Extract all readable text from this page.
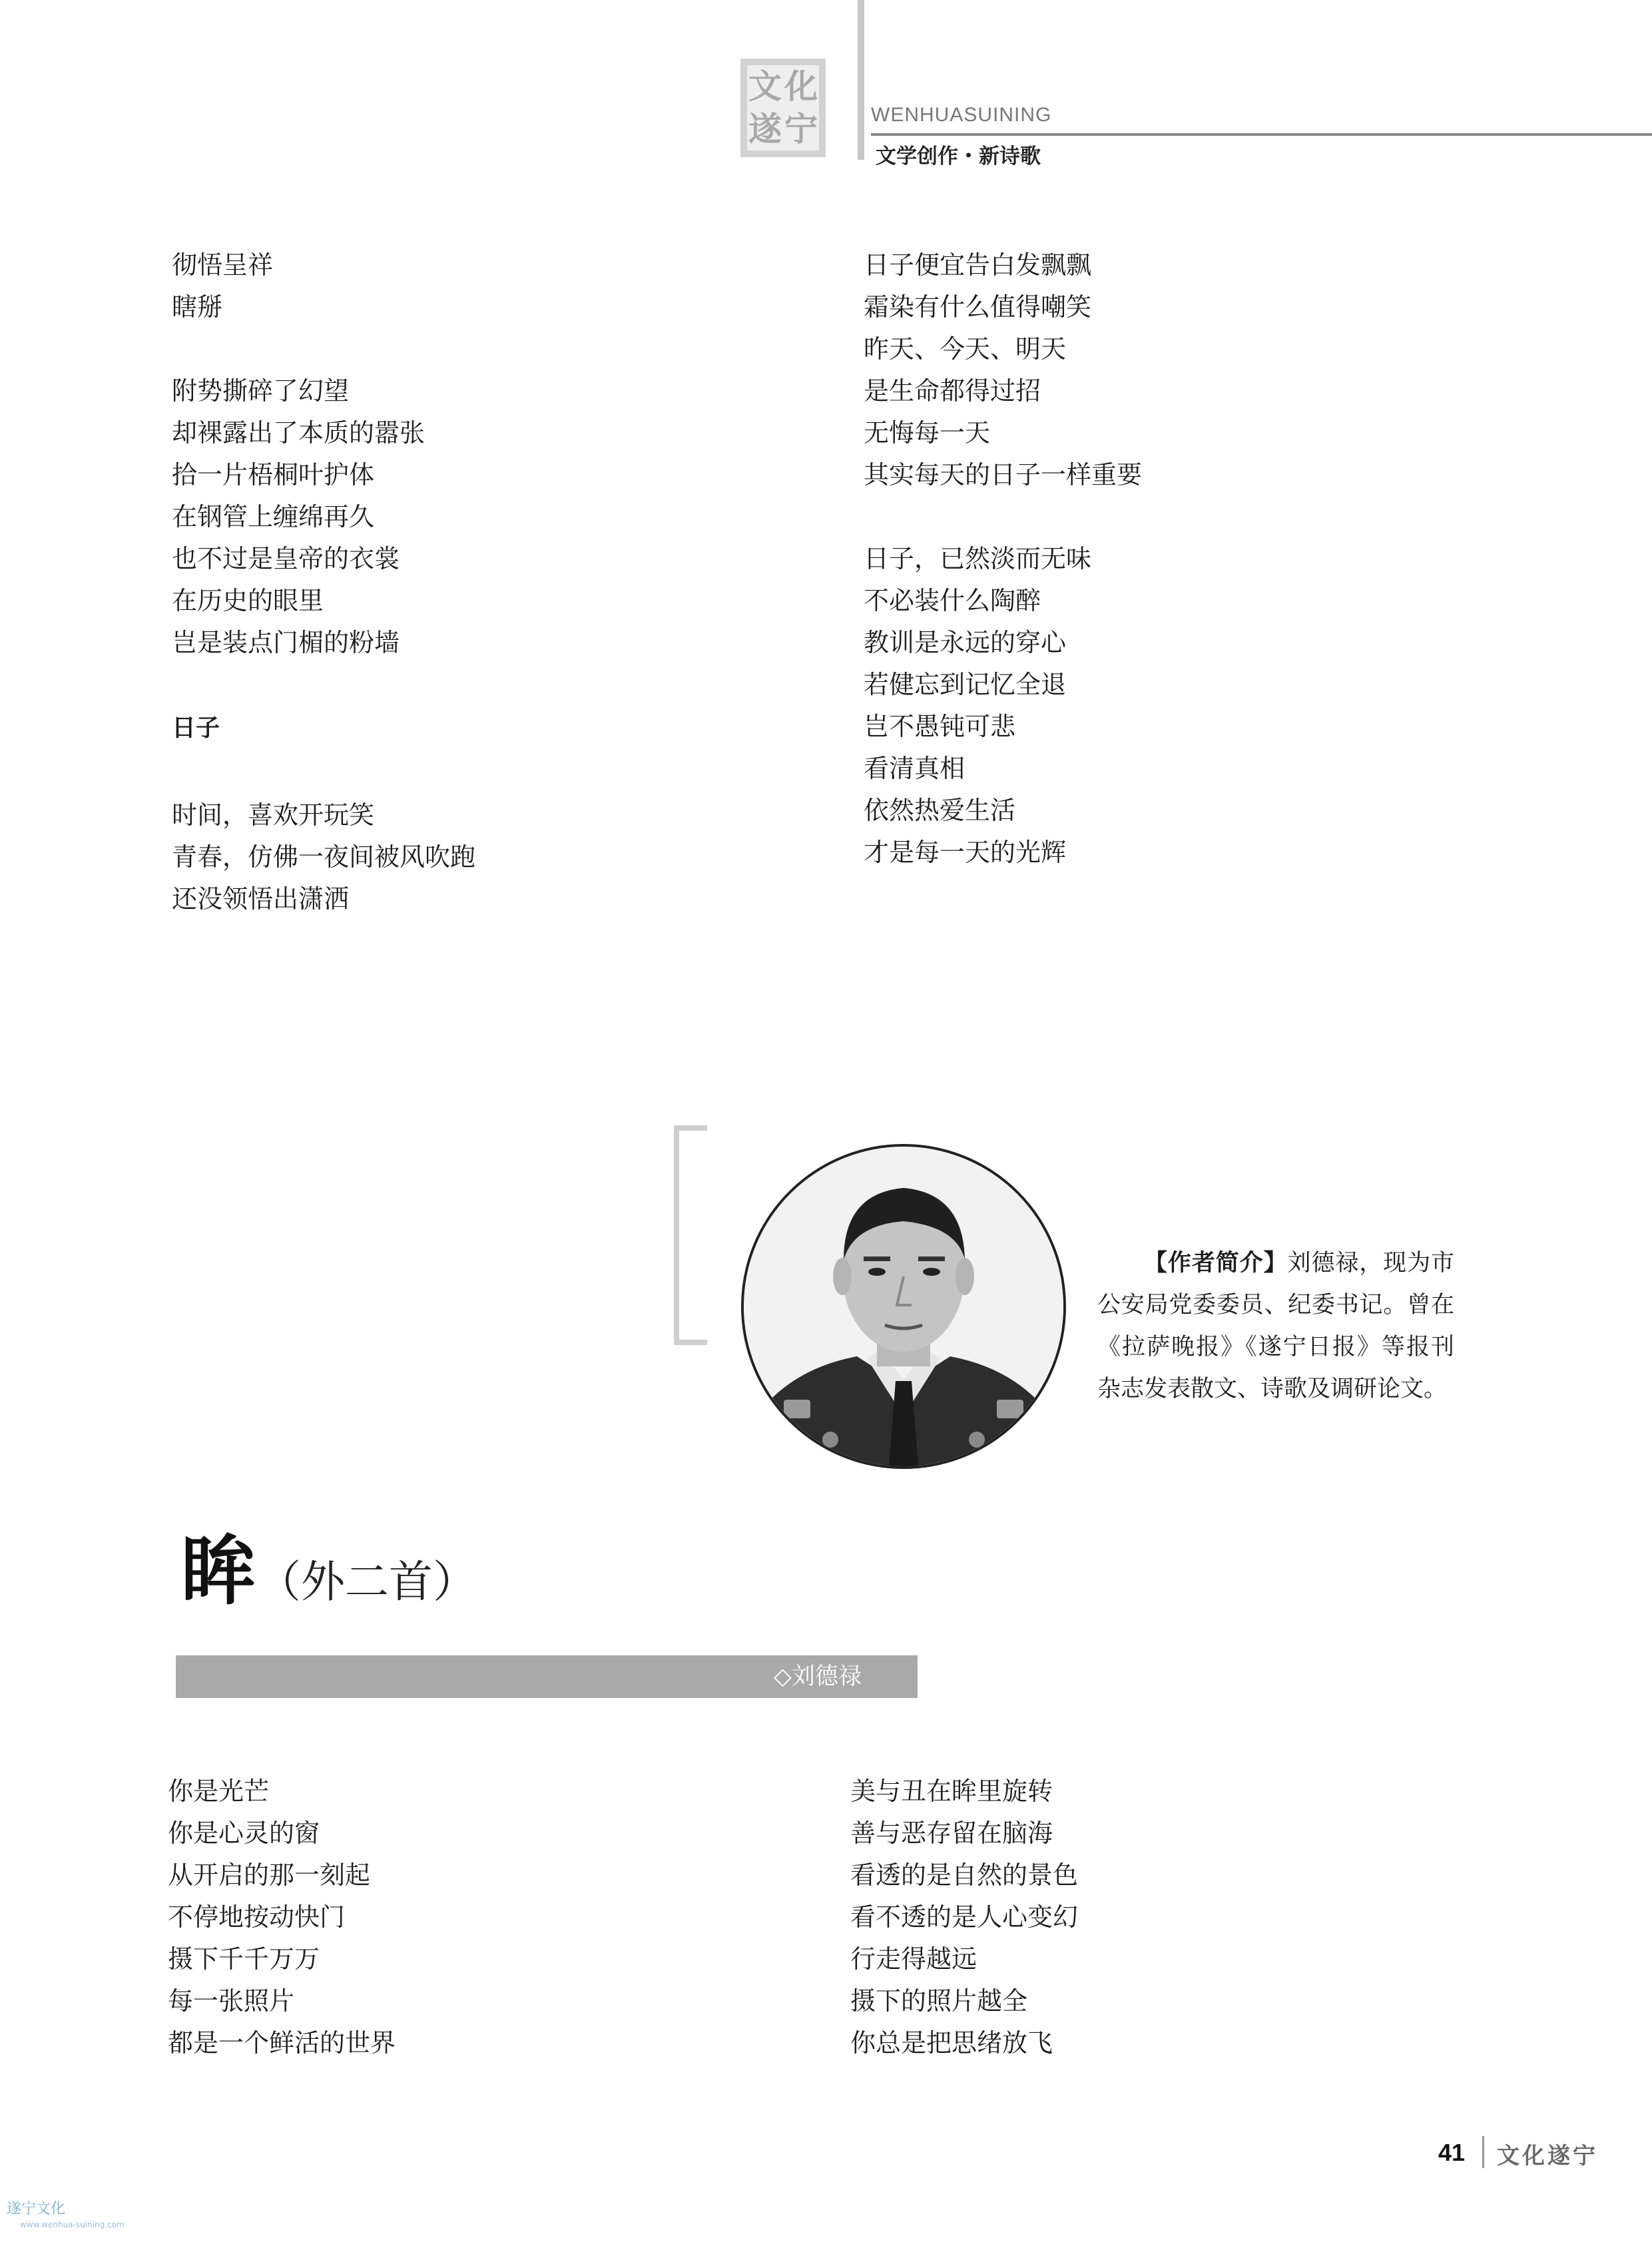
文 化
遂 宁	WENHUASUINING
文学创作・新诗歌
彻悟呈祥
瞎掰
附势撕碎了幻望
却裸露出了本质的嚣张
拾一片梧桐叶护体
在钢管上缠绵再久
也不过是皇帝的衣裳
在历史的眼里
岂是装点门楣的粉墙
日子
时间，喜欢开玩笑
青春，仿佛一夜间被风吹跑
还没领悟出潇洒
日子便宜告白发飘飘
霜染有什么值得嘲笑
昨天、今天、明天
是生命都得过招
无悔每一天
其实每天的日子一样重要
日子，已然淡而无味
不必装什么陶醉
教训是永远的穿心
若健忘到记忆全退
岂不愚钝可悲
看清真相
依然热爱生活
才是每一天的光辉
【作者简介】刘德禄，现为市公安局党委委员、纪委书记。曾在《拉萨晚报》《遂宁日报》等报刊杂志发表散文、诗歌及调研论文。
眸 （外二首）
◇刘德禄
你是光芒
你是心灵的窗
从开启的那一刻起
不停地按动快门
摄下千千万万
每一张照片
都是一个鲜活的世界
美与丑在眸里旋转
善与恶存留在脑海
看透的是自然的景色
看不透的是人心变幻
行走得越远
摄下的照片越全
你总是把思绪放飞
41 文化遂宁
遂宁文化
www.wenhua-suining.com
